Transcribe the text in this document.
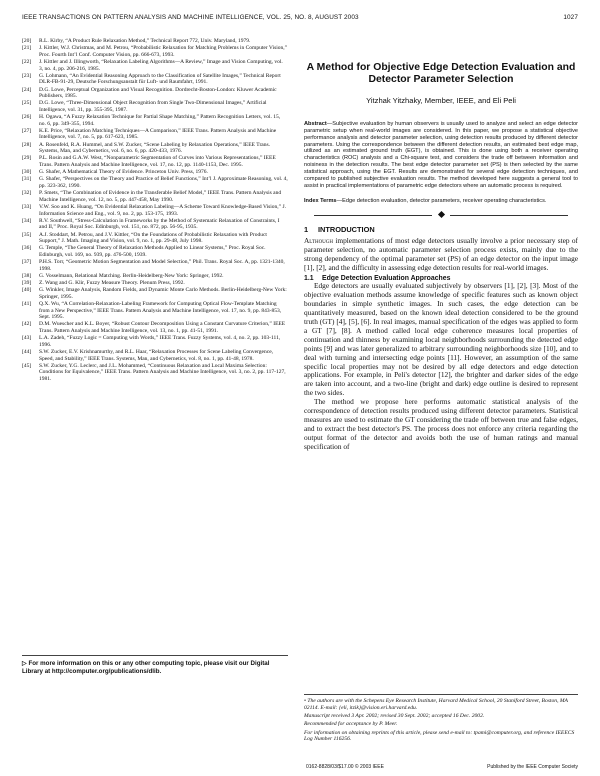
IEEE TRANSACTIONS ON PATTERN ANALYSIS AND MACHINE INTELLIGENCE, VOL. 25, NO. 8, AUGUST 2003	1027
[20]	R.L. Kirby, “A Product Rule Relaxation Method,” Technical Report 772, Univ. Maryland, 1979.
[21]	J. Kittler, W.J. Christmas, and M. Petrou, “Probabilistic Relaxation for Matching Problems in Computer Vision,” Proc. Fourth Int’l Conf. Computer Vision, pp. 666-673, 1993.
[22]	J. Kittler and J. Illingworth, “Relaxation Labeling Algorithms—A Review,” Image and Vision Computing, vol. 3, no. 4, pp. 206-216, 1985.
[23]	G. Lohmann, “An Evidential Reasoning Approach to the Classification of Satellite Images,” Technical Report DLR-FB-91-29, Deutsche Forschungsanstalt für Luft- und Raumfahrt, 1991.
[24]	D.G. Lowe, Perceptual Organization and Visual Recognition. Dordrecht-Boston-London: Kluwer Academic Publishers, 1985.
[25]	D.G. Lowe, “Three-Dimensional Object Recognition from Single Two-Dimensional Images,” Artificial Intelligence, vol. 31, pp. 355-395, 1987.
[26]	H. Ogawa, “A Fuzzy Relaxation Technique for Partial Shape Matching,” Pattern Recognition Letters, vol. 15, no. 6, pp. 349-355, 1994.
[27]	K.E. Price, “Relaxation Matching Techniques—A Comparison,” IEEE Trans. Pattern Analysis and Machine Intelligence, vol. 7, no. 5, pp. 617-623, 1985.
[28]	A. Rosenfeld, R.A. Hummel, and S.W. Zucker, “Scene Labeling by Relaxation Operations,” IEEE Trans. Systems, Man, and Cybernetics, vol. 6, no. 6, pp. 420-433, 1976.
[29]	P.L. Rosin and G.A.W. West, “Nonparametric Segmentation of Curves into Various Representations,” IEEE Trans. Pattern Analysis and Machine Intelligence, vol. 17, no. 12, pp. 1140-1153, Dec. 1995.
[30]	G. Shafer, A Mathematical Theory of Evidence. Princeton Univ. Press, 1976.
[31]	G. Shafer, “Perspectives on the Theory and Practice of Belief Functions,” Int’l J. Approximate Reasoning, vol. 4, pp. 323-362, 1990.
[32]	P. Smets, “The Combination of Evidence in the Transferable Belief Model,” IEEE Trans. Pattern Analysis and Machine Intelligence, vol. 12, no. 5, pp. 447-458, May 1990.
[33]	V.W. Soo and K. Huang, “On Evidential Relaxation Labeling—A Scheme Toward Knowledge-Based Vision,” J. Information Science and Eng., vol. 9, no. 2, pp. 153-175, 1993.
[34]	R.V. Southwell, “Stress-Calculation in Frameworks by the Method of Systematic Relaxation of Constraints, I and II,” Proc. Royal Soc. Edinburgh, vol. 151, no. 872, pp. 56-95, 1935.
[35]	A.J. Stoddart, M. Petrou, and J.V. Kittler, “On the Foundations of Probabilistic Relaxation with Product Support,” J. Math. Imaging and Vision, vol. 9, no. 1, pp. 29-48, July 1998.
[36]	G. Temple, “The General Theory of Relaxation Methods Applied to Linear Systems,” Proc. Royal Soc. Edinburgh, vol. 169, no. 939, pp. 476-500, 1939.
[37]	P.H.S. Torr, “Geometric Motion Segmentation and Model Selection,” Phil. Trans. Royal Soc. A, pp. 1321-1340, 1998.
[38]	G. Vosselmann, Relational Matching. Berlin-Heidelberg-New York: Springer, 1992.
[39]	Z. Wang and G. Klir, Fuzzy Measure Theory. Plenum Press, 1992.
[40]	G. Winkler, Image Analysis, Random Fields, and Dynamic Monte Carlo Methods. Berlin-Heidelberg-New York: Springer, 1995.
[41]	Q.X. Wu, “A Correlation-Relaxation-Labeling Framework for Computing Optical Flow-Template Matching from a New Perspective,” IEEE Trans. Pattern Analysis and Machine Intelligence, vol. 17, no. 9, pp. 843-853, Sept. 1995.
[42]	D.M. Wuescher and K.L. Boyer, “Robust Contour Decomposition Using a Constant Curvature Criterion,” IEEE Trans. Pattern Analysis and Machine Intelligence, vol. 13, no. 1, pp. 41-51, 1991.
[43]	L.A. Zadeh, “Fuzzy Logic = Computing with Words,” IEEE Trans. Fuzzy Systems, vol. 4, no. 2, pp. 103-111, 1996.
[44]	S.W. Zucker, E.V. Krishnamurthy, and R.L. Haar, “Relaxation Processes for Scene Labeling Convergence, Speed, and Stability,” IEEE Trans. Systems, Man, and Cybernetics, vol. 8, no. 1, pp. 41-48, 1978.
[45]	S.W. Zucker, Y.G. Leclerc, and J.L. Mohammed, “Continuous Relaxation and Local Maxima Selection: Conditions for Equivalence,” IEEE Trans. Pattern Analysis and Machine Intelligence, vol. 3, no. 2, pp. 117-127, 1981.
▷ For more information on this or any other computing topic, please visit our Digital Library at http://computer.org/publications/dlib.
A Method for Objective Edge Detection Evaluation and Detector Parameter Selection
Yitzhak Yitzhaky, Member, IEEE, and Eli Peli
Abstract—Subjective evaluation by human observers is usually used to analyze and select an edge detector parametric setup when real-world images are considered. In this paper, we propose a statistical objective performance analysis and detector parameter selection, using detection results produced by different detector parameters. Using the correspondence between the different detection results, an estimated best edge map, utilized as an estimated ground truth (EGT), is obtained. This is done using both a receiver operating characteristics (ROC) analysis and a Chi-square test, and considers the trade off between information and noisiness in the detection results. The best edge detector parameter set (PS) is then selected by the same statistical approach, using the EGT. Results are demonstrated for several edge detection techniques, and compared to published subjective evaluation results. The method developed here suggests a general tool to assist in practical implementations of parametric edge detectors where an automatic process is required.
Index Terms—Edge detection evaluation, detector parameters, receiver operating characteristics.
1	INTRODUCTION
Although implementations of most edge detectors usually involve a prior necessary step of parameter selection, no automatic parameter selection process exists, mainly due to the strong dependency of the optimal parameter set (PS) of an edge detector on the input image [1], [2], and the difficulty in assessing edge detection results for real-world images.
1.1	Edge Detection Evaluation Approaches
Edge detectors are usually evaluated subjectively by observers [1], [2], [3]. Most of the objective evaluation methods assume knowledge of specific features such as known object boundaries in simple synthetic images. In such cases, the edge detection can be quantitatively measured, based on the known ideal detection considered to be the ground truth (GT) [4], [5], [6]. In real images, manual specification of the edges was applied to form a GT [7], [8]. A method called local edge coherence measures local properties of continuation and thinness by examining local neighborhoods surrounding the detected edge points [9] and was later generalized to arbitrary surrounding neighborhoods size [10], and to deal with turning and intersecting edge points [11]. However, an assumption of the same specific local properties may not be desired by all edge detectors and edge detection applications. For example, in Peli's detector [12], the brighter and darker sides of the edge are taken into account, and a two-line (bright and dark) edge outline is desired to represent the two sides.
The method we propose here performs automatic statistical analysis of the correspondence of detection results produced using different detector parameters. Statistical measures are used to estimate the GT considering the trade off between true and false edges, and to extract the best detector's PS. The process does not enforce any criteria regarding the output format of the detector and avoids both the use of human ratings and manual specification of
• The authors are with the Schepens Eye Research Institute, Harvard Medical School, 20 Staniford Street, Boston, MA 02114. E-mail: {eli, itzik}@vision.eri.harvard.edu.
Manuscript received 3 Apr. 2002; revised 30 Sept. 2002; accepted 16 Dec. 2002.
Recommended for acceptance by P. Meer.
For information on obtaining reprints of this article, please send e-mail to: tpami@computer.org, and reference IEEECS Log Number 116256.
0162-8828/03/$17.00 © 2003 IEEE	Published by the IEEE Computer Society
